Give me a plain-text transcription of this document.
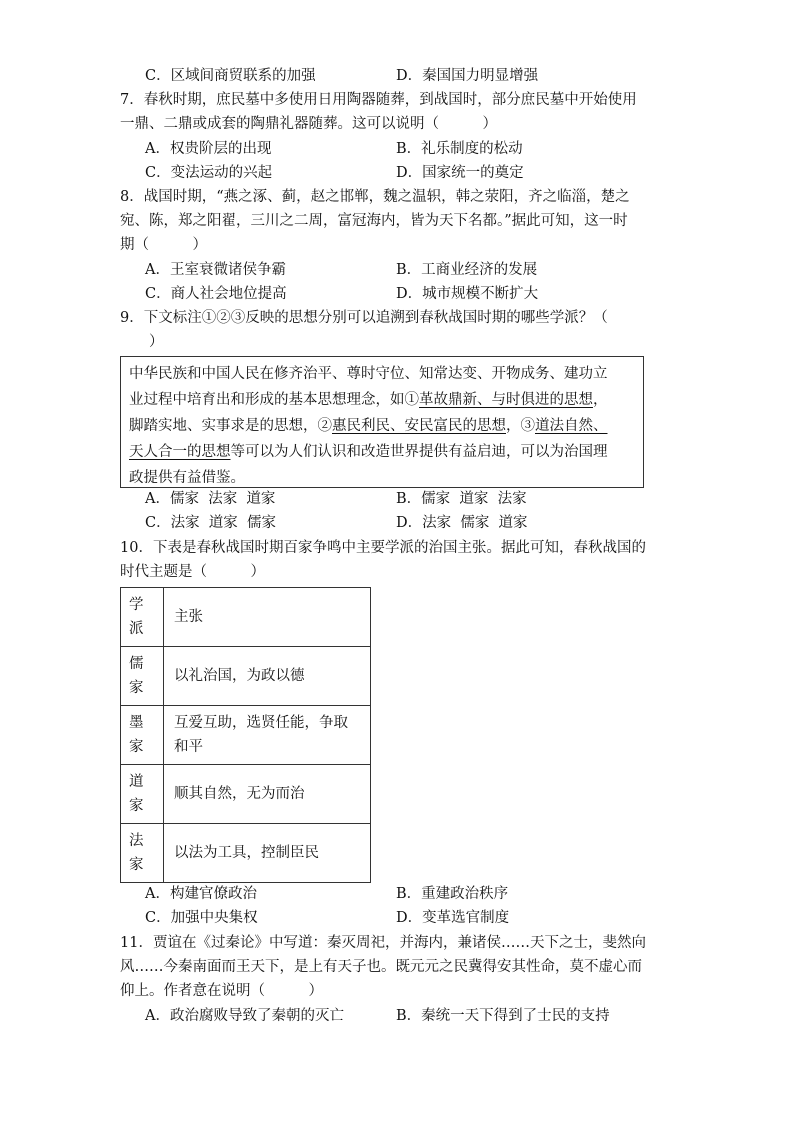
C．区域间商贸联系的加强	D．秦国国力明显增强
7．春秋时期，庶民墓中多使用日用陶器随葬，到战国时，部分庶民墓中开始使用
一鼎、二鼎或成套的陶鼎礼器随葬。这可以说明（　　　）
A．权贵阶层的出现	B．礼乐制度的松动
C．变法运动的兴起	D．国家统一的奠定
8．战国时期，“燕之涿、蓟，赵之邯郸，魏之温轵，韩之荥阳，齐之临淄，楚之
宛、陈，郑之阳翟，三川之二周，富冠海内，皆为天下名都。”据此可知，这一时
期（　　　）
A．王室衰微诸侯争霸	B．工商业经济的发展
C．商人社会地位提高	D．城市规模不断扩大
9．下文标注①②③反映的思想分别可以追溯到春秋战国时期的哪些学派？（
　　）
中华民族和中国人民在修齐治平、尊时守位、知常达变、开物成务、建功立
业过程中培育出和形成的基本思想理念，如①革故鼎新、与时俱进的思想，
脚踏实地、实事求是的思想，②惠民利民、安民富民的思想，③道法自然、
天人合一的思想等可以为人们认识和改造世界提供有益启迪，可以为治国理
政提供有益借鉴。
A．儒家  法家  道家	B．儒家  道家  法家
C．法家  道家  儒家	D．法家  儒家  道家
10．下表是春秋战国时期百家争鸣中主要学派的治国主张。据此可知，春秋战国的
时代主题是（　　　）
学
派	主张
儒
家	以礼治国，为政以德
墨
家	互爱互助，选贤任能，争取
和平
道
家	顺其自然，无为而治
法
家	以法为工具，控制臣民
A．构建官僚政治	B．重建政治秩序
C．加强中央集权	D．变革选官制度
11．贾谊在《过秦论》中写道：秦灭周祀，并海内，兼诸侯……天下之士，斐然向
风……今秦南面而王天下，是上有天子也。既元元之民冀得安其性命，莫不虚心而
仰上。作者意在说明（　　　）
A．政治腐败导致了秦朝的灭亡	B．秦统一天下得到了士民的支持
